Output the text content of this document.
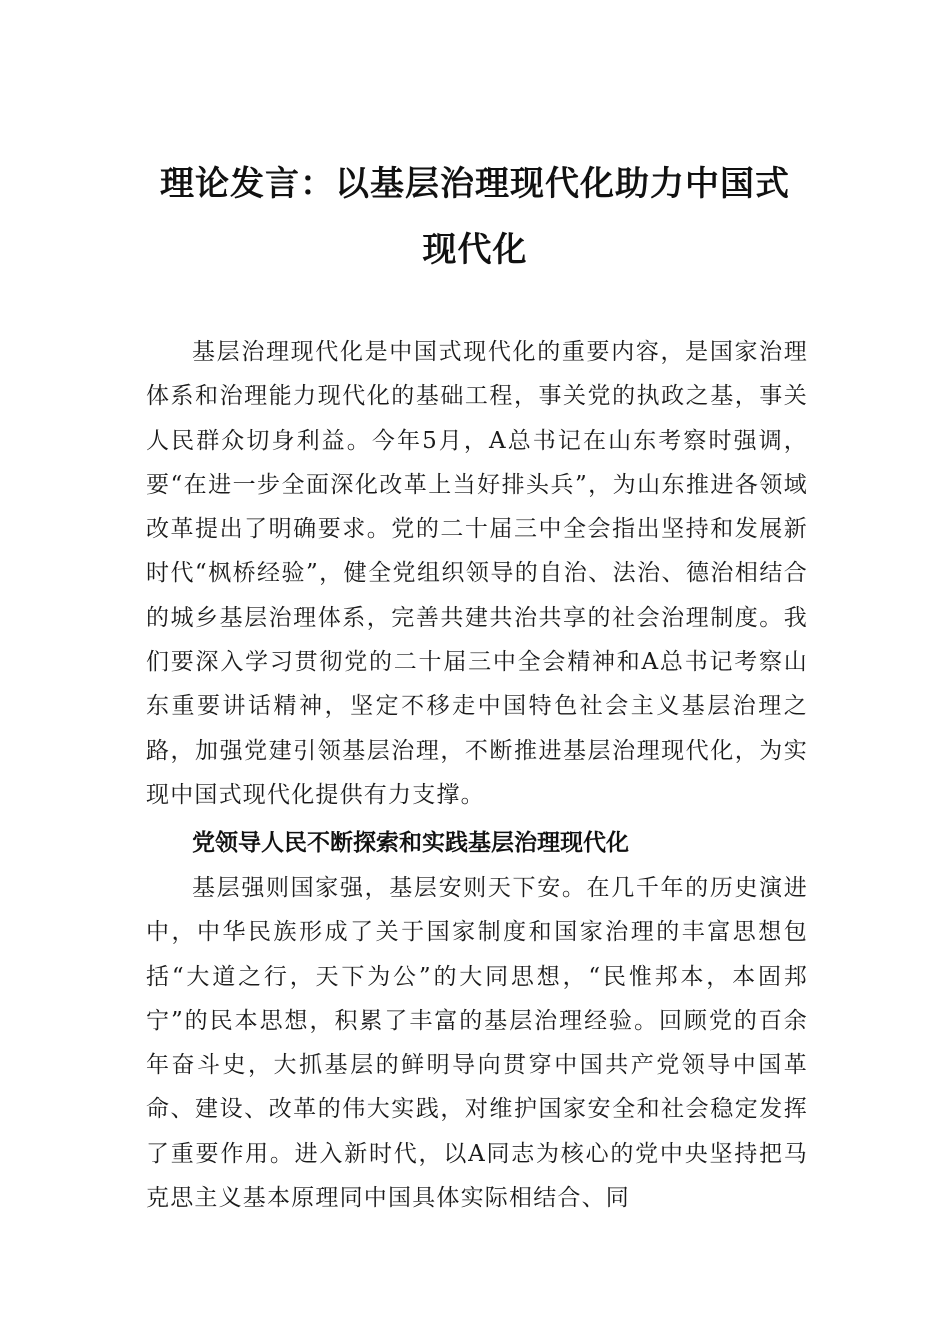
理论发言：以基层治理现代化助力中国式
现代化

基层治理现代化是中国式现代化的重要内容，是国家治理体系和治理能力现代化的基础工程，事关党的执政之基，事关人民群众切身利益。今年5月，A总书记在山东考察时强调，要“在进一步全面深化改革上当好排头兵”，为山东推进各领域改革提出了明确要求。党的二十届三中全会指出坚持和发展新时代“枫桥经验”，健全党组织领导的自治、法治、德治相结合的城乡基层治理体系，完善共建共治共享的社会治理制度。我们要深入学习贯彻党的二十届三中全会精神和A总书记考察山东重要讲话精神，坚定不移走中国特色社会主义基层治理之路，加强党建引领基层治理，不断推进基层治理现代化，为实现中国式现代化提供有力支撑。

党领导人民不断探索和实践基层治理现代化

基层强则国家强，基层安则天下安。在几千年的历史演进中，中华民族形成了关于国家制度和国家治理的丰富思想包括“大道之行，天下为公”的大同思想，“民惟邦本，本固邦宁”的民本思想，积累了丰富的基层治理经验。回顾党的百余年奋斗史，大抓基层的鲜明导向贯穿中国共产党领导中国革命、建设、改革的伟大实践，对维护国家安全和社会稳定发挥了重要作用。进入新时代，以A同志为核心的党中央坚持把马克思主义基本原理同中国具体实际相结合、同
